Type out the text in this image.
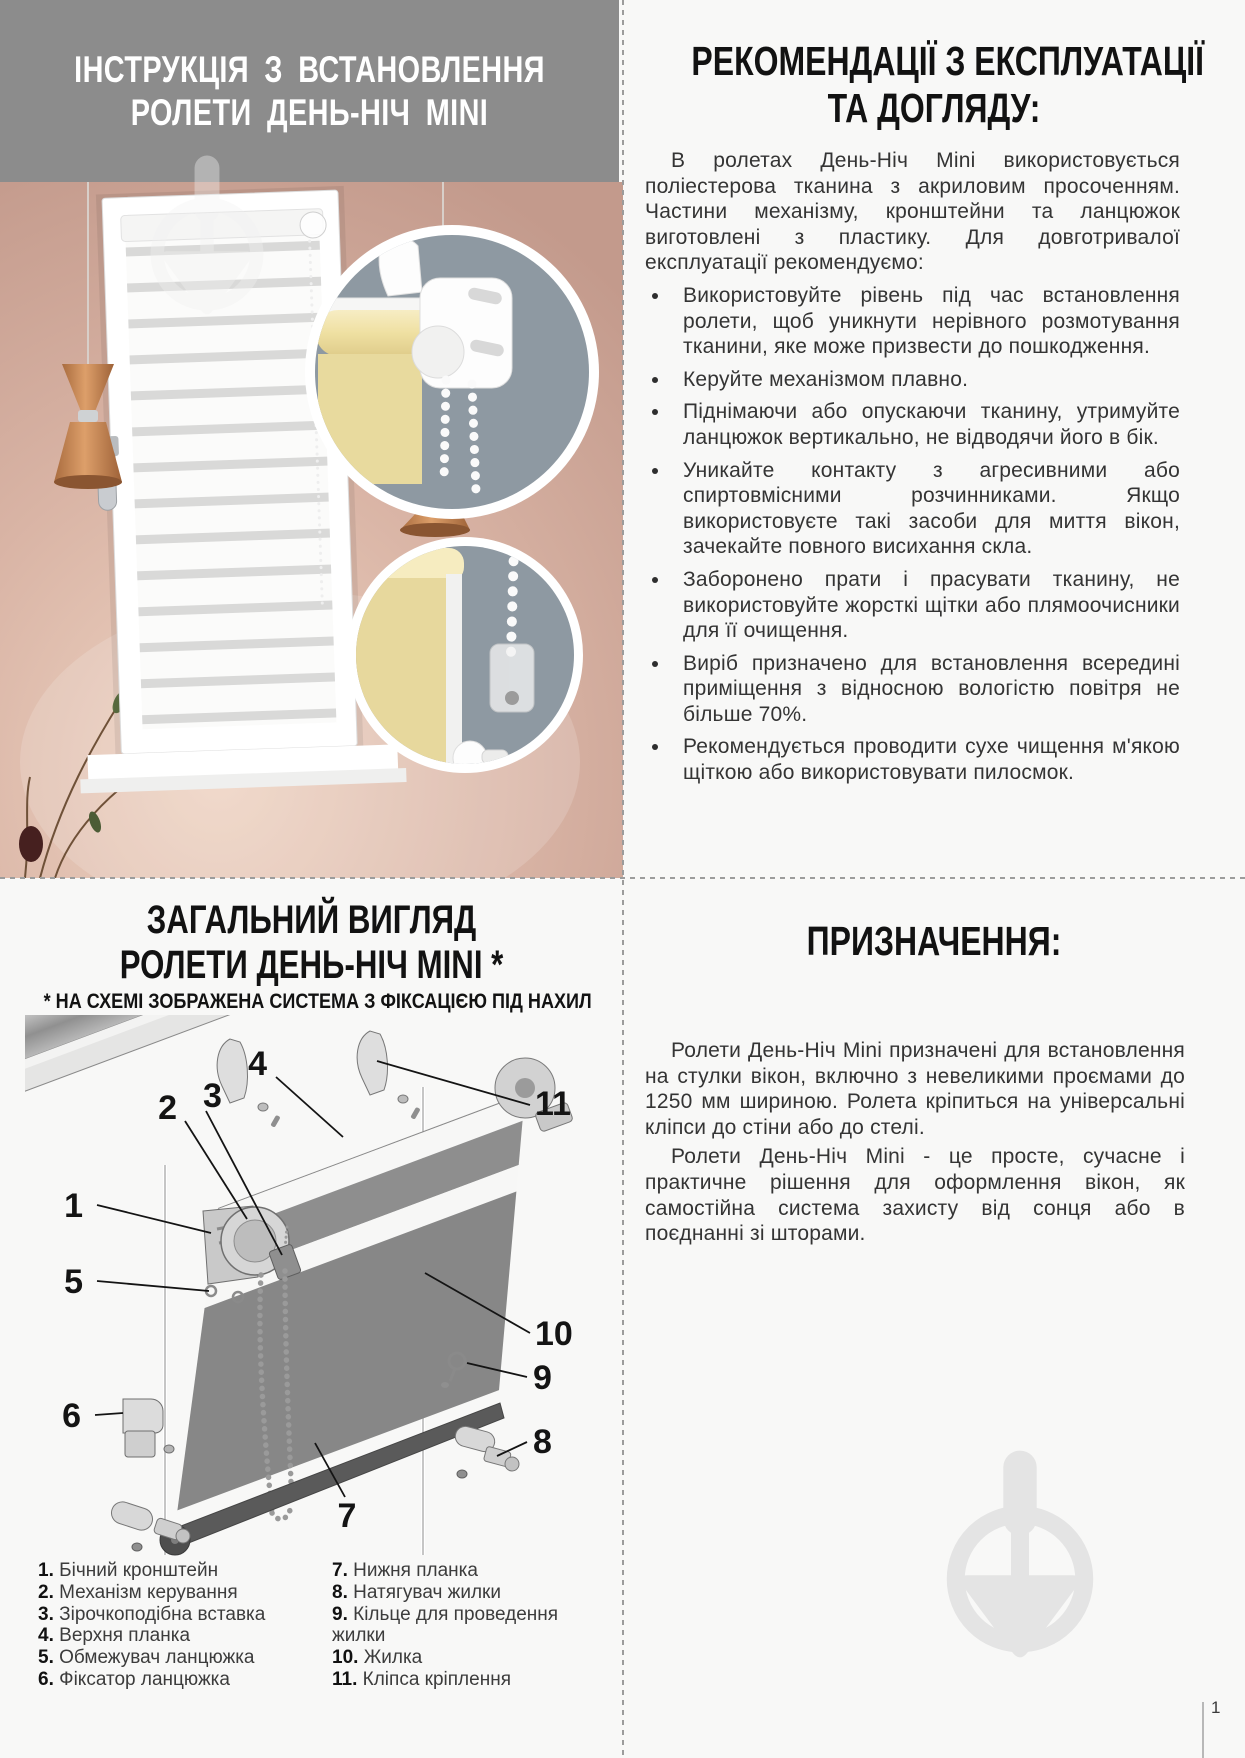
ІНСТРУКЦІЯ З ВСТАНОВЛЕННЯ
РОЛЕТИ ДЕНЬ-НІЧ MINI
РЕКОМЕНДАЦІЇ З ЕКСПЛУАТАЦІЇ
ТА ДОГЛЯДУ:

В ролетах День-Ніч Mini використовується поліестерова тканина з акриловим просоченням. Частини механізму, кронштейни та ланцюжок виготовлені з пластику. Для довготривалої експлуатації рекомендуємо:

Використовуйте рівень під час встановлення ролети, щоб уникнути нерівного розмотування тканини, яке може призвести до пошкодження.
Керуйте механізмом плавно.
Піднімаючи або опускаючи тканину, утримуйте ланцюжок вертикально, не відводячи його в бік.
Уникайте контакту з агресивними або спиртовмісними розчинниками. Якщо використовуєте такі засоби для миття вікон, зачекайте повного висихання скла.
Заборонено прати і прасувати тканину, не використовуйте жорсткі щітки або плямоочисники для її очищення.
Виріб призначено для встановлення всередині приміщення з відносною вологістю повітря не більше 70%.
Рекомендується проводити сухе чищення м'якою щіткою або використовувати пилосмок.
ЗАГАЛЬНИЙ ВИГЛЯД
РОЛЕТИ ДЕНЬ-НІЧ MINI *
* НА СХЕМІ ЗОБРАЖЕНА СИСТЕМА З ФІКСАЦІЄЮ ПІД НАХИЛ
1
2 3
4
5
6
7
8
9
10
11
1. Бічний кронштейн
2. Механізм керування
3. Зірочкоподібна вставка
4. Верхня планка
5. Обмежувач ланцюжка
6. Фіксатор ланцюжка
7. Нижня планка
8. Натягувач жилки
9. Кільце для проведення жилки
10. Жилка
11. Кліпса кріплення
ПРИЗНАЧЕННЯ:

Ролети День-Ніч Mini призначені для встановлення на стулки вікон, включно з невеликими проємами до 1250 мм шириною. Ролета кріпиться на універсальні кліпси до стіни або до стелі.

Ролети День-Ніч Mini - це просте, сучасне і практичне рішення для оформлення вікон, як самостійна система захисту від сонця або в поєднанні зі шторами.

1
